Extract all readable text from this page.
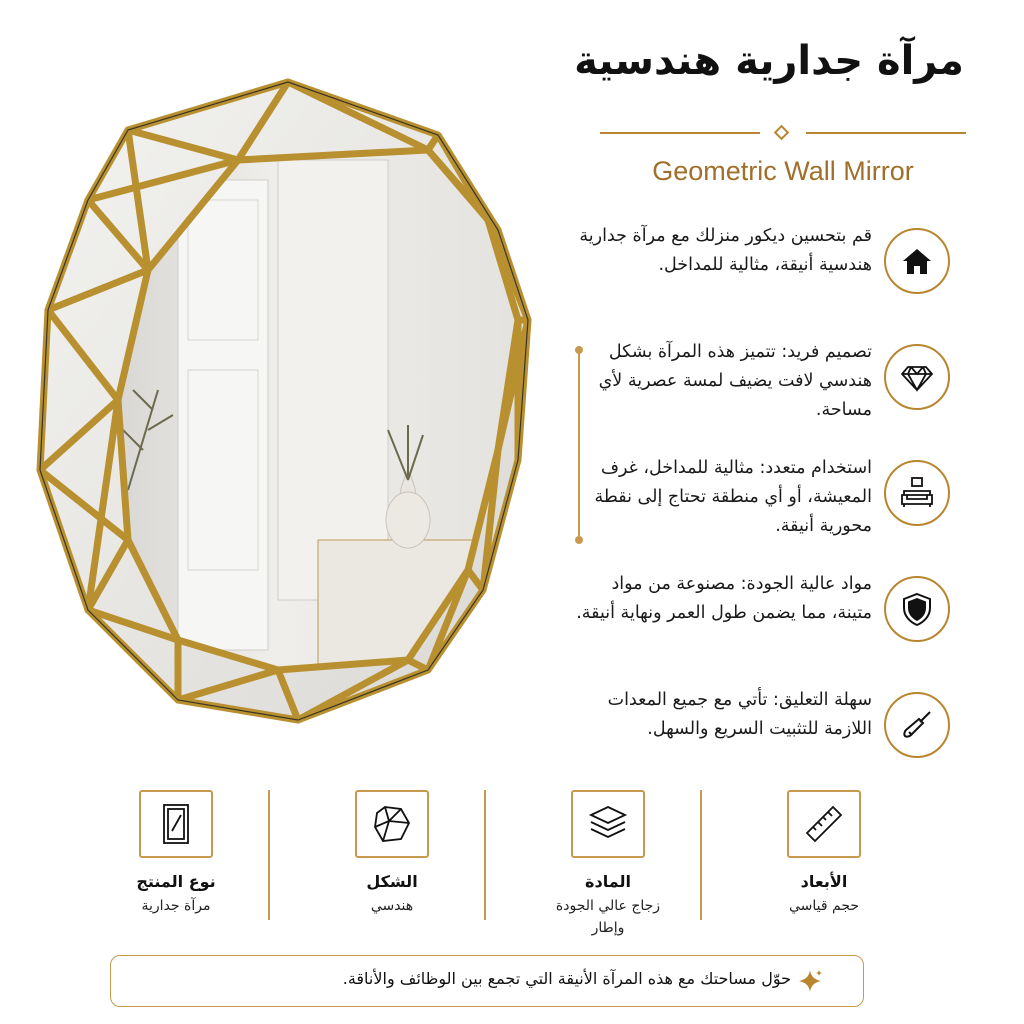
مرآة جدارية هندسية
Geometric Wall Mirror
قم بتحسين ديكور منزلك مع مرآة جدارية هندسية أنيقة، مثالية للمداخل.
تصميم فريد: تتميز هذه المرآة بشكل هندسي لافت يضيف لمسة عصرية لأي مساحة.
استخدام متعدد: مثالية للمداخل، غرف المعيشة، أو أي منطقة تحتاج إلى نقطة محورية أنيقة.
مواد عالية الجودة: مصنوعة من مواد متينة، مما يضمن طول العمر ونهاية أنيقة.
سهلة التعليق: تأتي مع جميع المعدات اللازمة للتثبيت السريع والسهل.
الأبعاد
حجم قياسي
المادة
زجاج عالي الجودة وإطار
الشكل
هندسي
نوع المنتج
مرآة جدارية
حوّل مساحتك مع هذه المرآة الأنيقة التي تجمع بين الوظائف والأناقة.
